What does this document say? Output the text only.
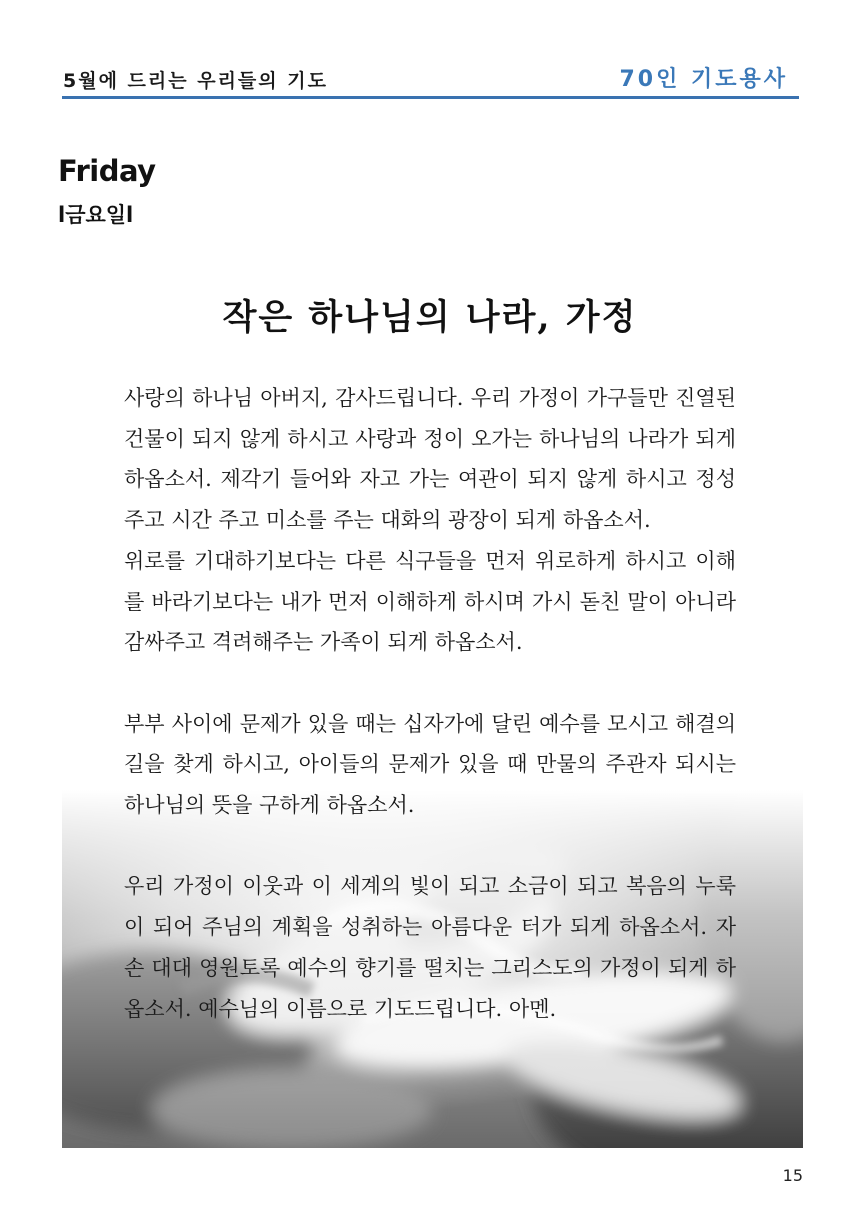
5월에 드리는 우리들의 기도	70인 기도용사
Friday
l금요일l
작은 하나님의 나라, 가정

사랑의 하나님 아버지, 감사드립니다. 우리 가정이 가구들만 진열된 건물이 되지 않게 하시고 사랑과 정이 오가는 하나님의 나라가 되게 하옵소서. 제각기 들어와 자고 가는 여관이 되지 않게 하시고 정성 주고 시간 주고 미소를 주는 대화의 광장이 되게 하옵소서.

위로를 기대하기보다는 다른 식구들을 먼저 위로하게 하시고 이해를 바라기보다는 내가 먼저 이해하게 하시며 가시 돋친 말이 아니라 감싸주고 격려해주는 가족이 되게 하옵소서.

부부 사이에 문제가 있을 때는 십자가에 달린 예수를 모시고 해결의 길을 찾게 하시고, 아이들의 문제가 있을 때 만물의 주관자 되시는 하나님의 뜻을 구하게 하옵소서.

우리 가정이 이웃과 이 세계의 빛이 되고 소금이 되고 복음의 누룩이 되어 주님의 계획을 성취하는 아름다운 터가 되게 하옵소서. 자손 대대 영원토록 예수의 향기를 떨치는 그리스도의 가정이 되게 하옵소서. 예수님의 이름으로 기도드립니다. 아멘.

15
